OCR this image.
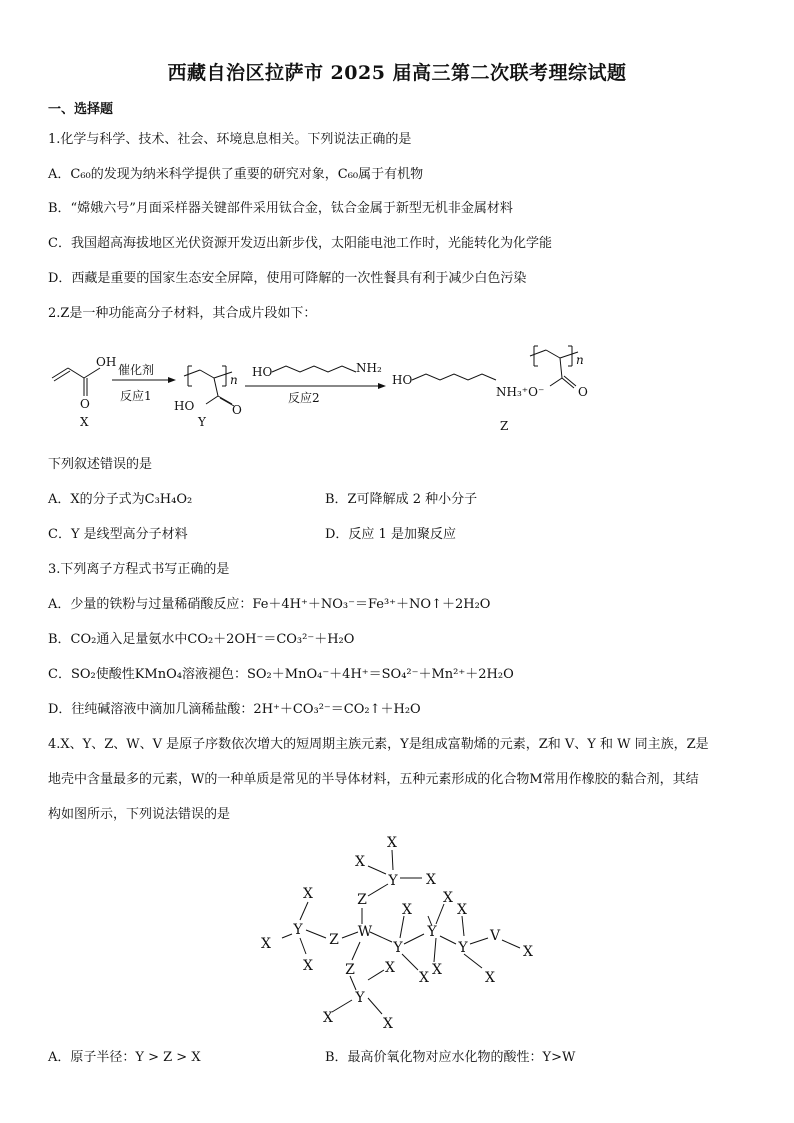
西藏自治区拉萨市 2025 届高三第二次联考理综试题
一、选择题
1.化学与科学、技术、社会、环境息息相关。下列说法正确的是
A．C₆₀的发现为纳米科学提供了重要的研究对象，C₆₀属于有机物
B．“嫦娥六号”月面采样器关键部件采用钛合金，钛合金属于新型无机非金属材料
C．我国超高海拔地区光伏资源开发迈出新步伐，太阳能电池工作时，光能转化为化学能
D．西藏是重要的国家生态安全屏障，使用可降解的一次性餐具有利于减少白色污染
2.Z是一种功能高分子材料，其合成片段如下：
OH
O
X
催化剂
反应1
n
HO	O
Y
HO	NH₂
反应2
HO
NH₃⁺O⁻
n
O
Z
下列叙述错误的是
A．X的分子式为C₃H₄O₂	B．Z可降解成 2 种小分子
C．Y 是线型高分子材料	D．反应 1 是加聚反应
3.下列离子方程式书写正确的是
A．少量的铁粉与过量稀硝酸反应：Fe＋4H⁺＋NO₃⁻＝Fe³⁺＋NO↑＋2H₂O
B．CO₂通入足量氨水中CO₂＋2OH⁻＝CO₃²⁻＋H₂O
C．SO₂使酸性KMnO₄溶液褪色：SO₂＋MnO₄⁻＋4H⁺＝SO₄²⁻＋Mn²⁺＋2H₂O
D．往纯碱溶液中滴加几滴稀盐酸：2H⁺＋CO₃²⁻＝CO₂↑＋H₂O
4.X、Y、Z、W、V 是原子序数依次增大的短周期主族元素，Y是组成富勒烯的元素，Z和 V、Y 和 W 同主族，Z是
地壳中含量最多的元素，W的一种单质是常见的半导体材料，五种元素形成的化合物M常用作橡胶的黏合剂，其结
构如图所示，下列说法错误的是
X
X
Y X
Z
X
Y
X
X
Z W
X
Y
X
Y
X
X
X
Y
X
V
X
Z X
Y
X	X
A．原子半径：Y > Z > X	B．最高价氧化物对应水化物的酸性：Y>W
